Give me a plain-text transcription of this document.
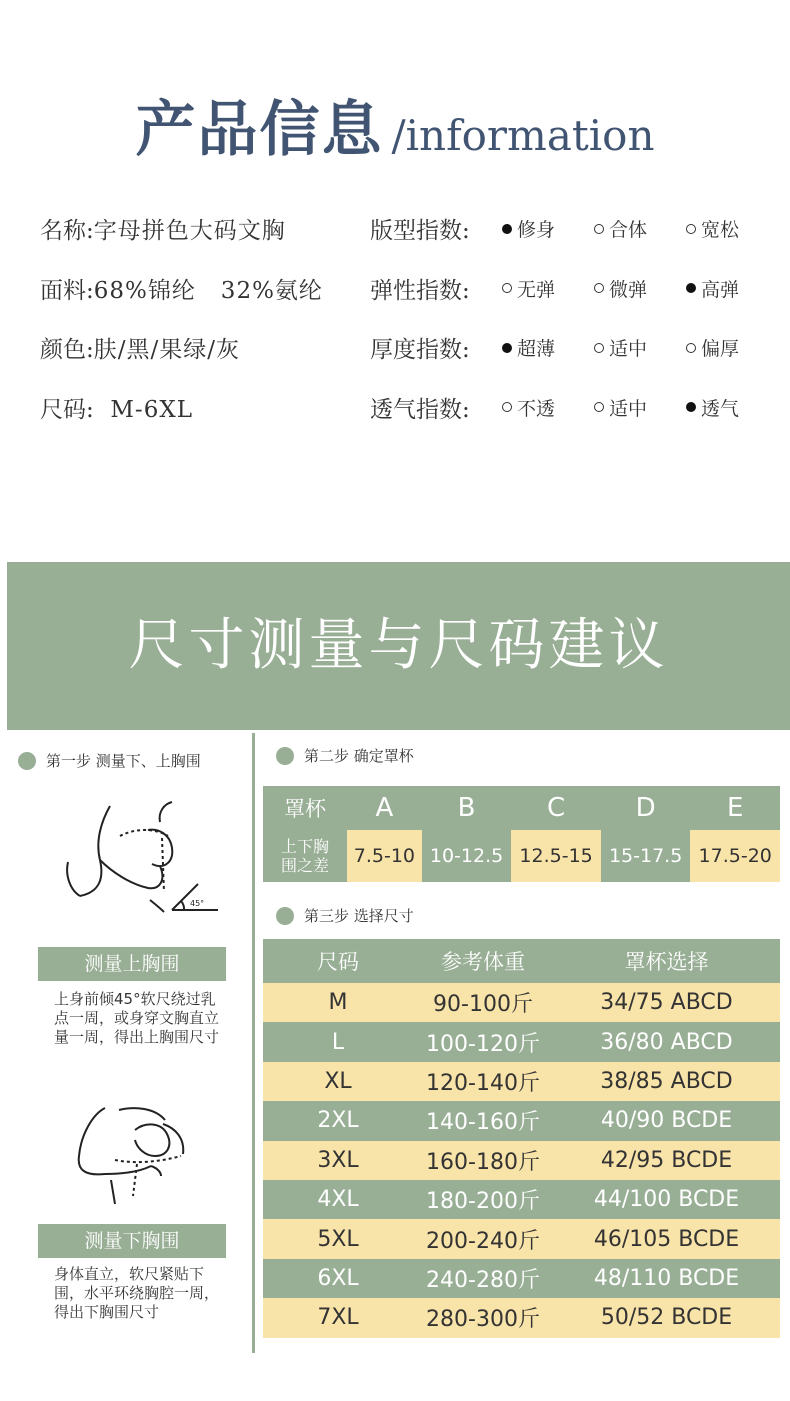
产品信息 /information
名称:字母拼色大码文胸
面料:68%锦纶   32%氨纶
颜色:肤/黑/果绿/灰
尺码:  M-6XL
版型指数:	修身	合体	宽松
弹性指数:	无弹	微弹	高弹
厚度指数:	超薄	适中	偏厚
透气指数:	不透	适中	透气
尺寸测量与尺码建议
第一步 测量下、上胸围
45°
测量上胸围
上身前倾45°软尺绕过乳点一周，或身穿文胸直立量一周，得出上胸围尺寸
测量下胸围
身体直立，软尺紧贴下围，水平环绕胸腔一周，得出下胸围尺寸
第二步 确定罩杯
罩杯	A	B	C	D	E
上下胸
围之差	7.5-10	10-12.5	12.5-15	15-17.5	17.5-20
第三步 选择尺寸
尺码	参考体重	罩杯选择
M	90-100斤	34/75 ABCD
L	100-120斤	36/80 ABCD
XL	120-140斤	38/85 ABCD
2XL	140-160斤	40/90 BCDE
3XL	160-180斤	42/95 BCDE
4XL	180-200斤	44/100 BCDE
5XL	200-240斤	46/105 BCDE
6XL	240-280斤	48/110 BCDE
7XL	280-300斤	50/52 BCDE
